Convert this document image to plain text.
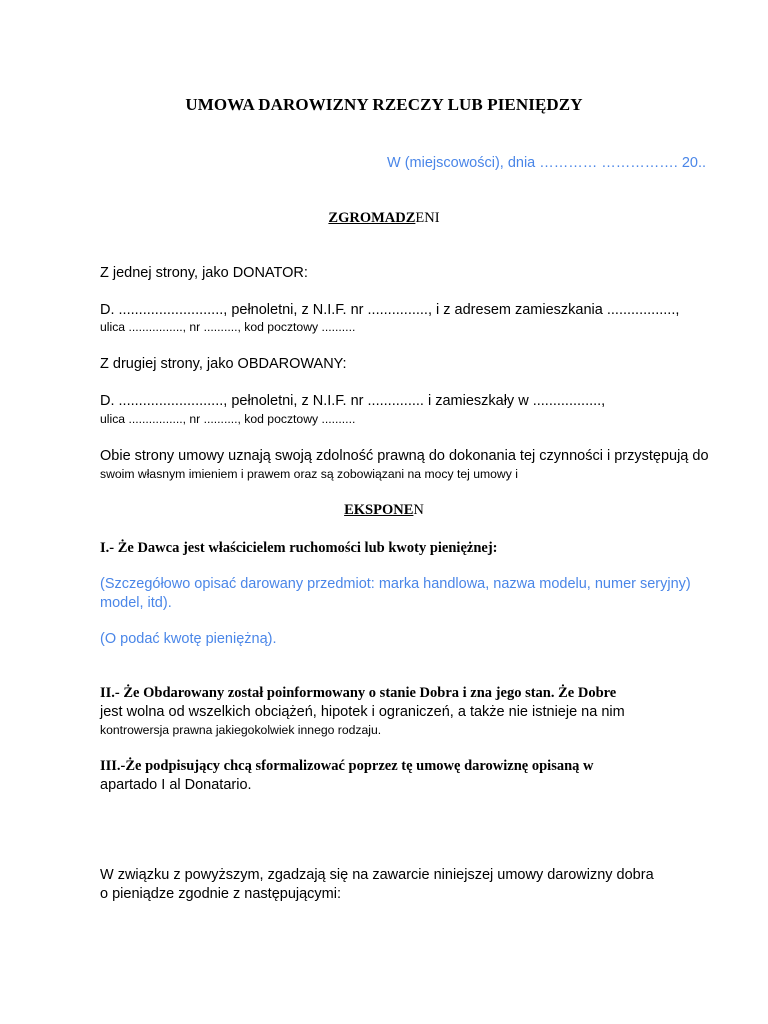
UMOWA DAROWIZNY RZECZY LUB PIENIĘDZY
W (miejscowości), dnia ………… ……………. 20..
ZGROMADZENI
Z jednej strony, jako DONATOR:
D. .........................., pełnoletni, z N.I.F. nr ..............., i z adresem zamieszkania .................,
ulica ................, nr .........., kod pocztowy ..........
Z drugiej strony, jako OBDAROWANY:
D. .........................., pełnoletni, z N.I.F. nr .............. i zamieszkały w .................,
ulica ................, nr .........., kod pocztowy ..........
Obie strony umowy uznają swoją zdolność prawną do dokonania tej czynności i przystępują do
swoim własnym imieniem i prawem oraz są zobowiązani na mocy tej umowy i
EKSPONEN
I.- Że Dawca jest właścicielem ruchomości lub kwoty pieniężnej:
(Szczegółowo opisać darowany przedmiot: marka handlowa, nazwa modelu, numer seryjny)
model, itd).
(O podać kwotę pieniężną).
II.- Że Obdarowany został poinformowany o stanie Dobra i zna jego stan. Że Dobre
jest wolna od wszelkich obciążeń, hipotek i ograniczeń, a także nie istnieje na nim
kontrowersja prawna jakiegokolwiek innego rodzaju.
III.-Że podpisujący chcą sformalizować poprzez tę umowę darowiznę opisaną w
apartado I al Donatario.
W związku z powyższym, zgadzają się na zawarcie niniejszej umowy darowizny dobra
o pieniądze zgodnie z następującymi:
